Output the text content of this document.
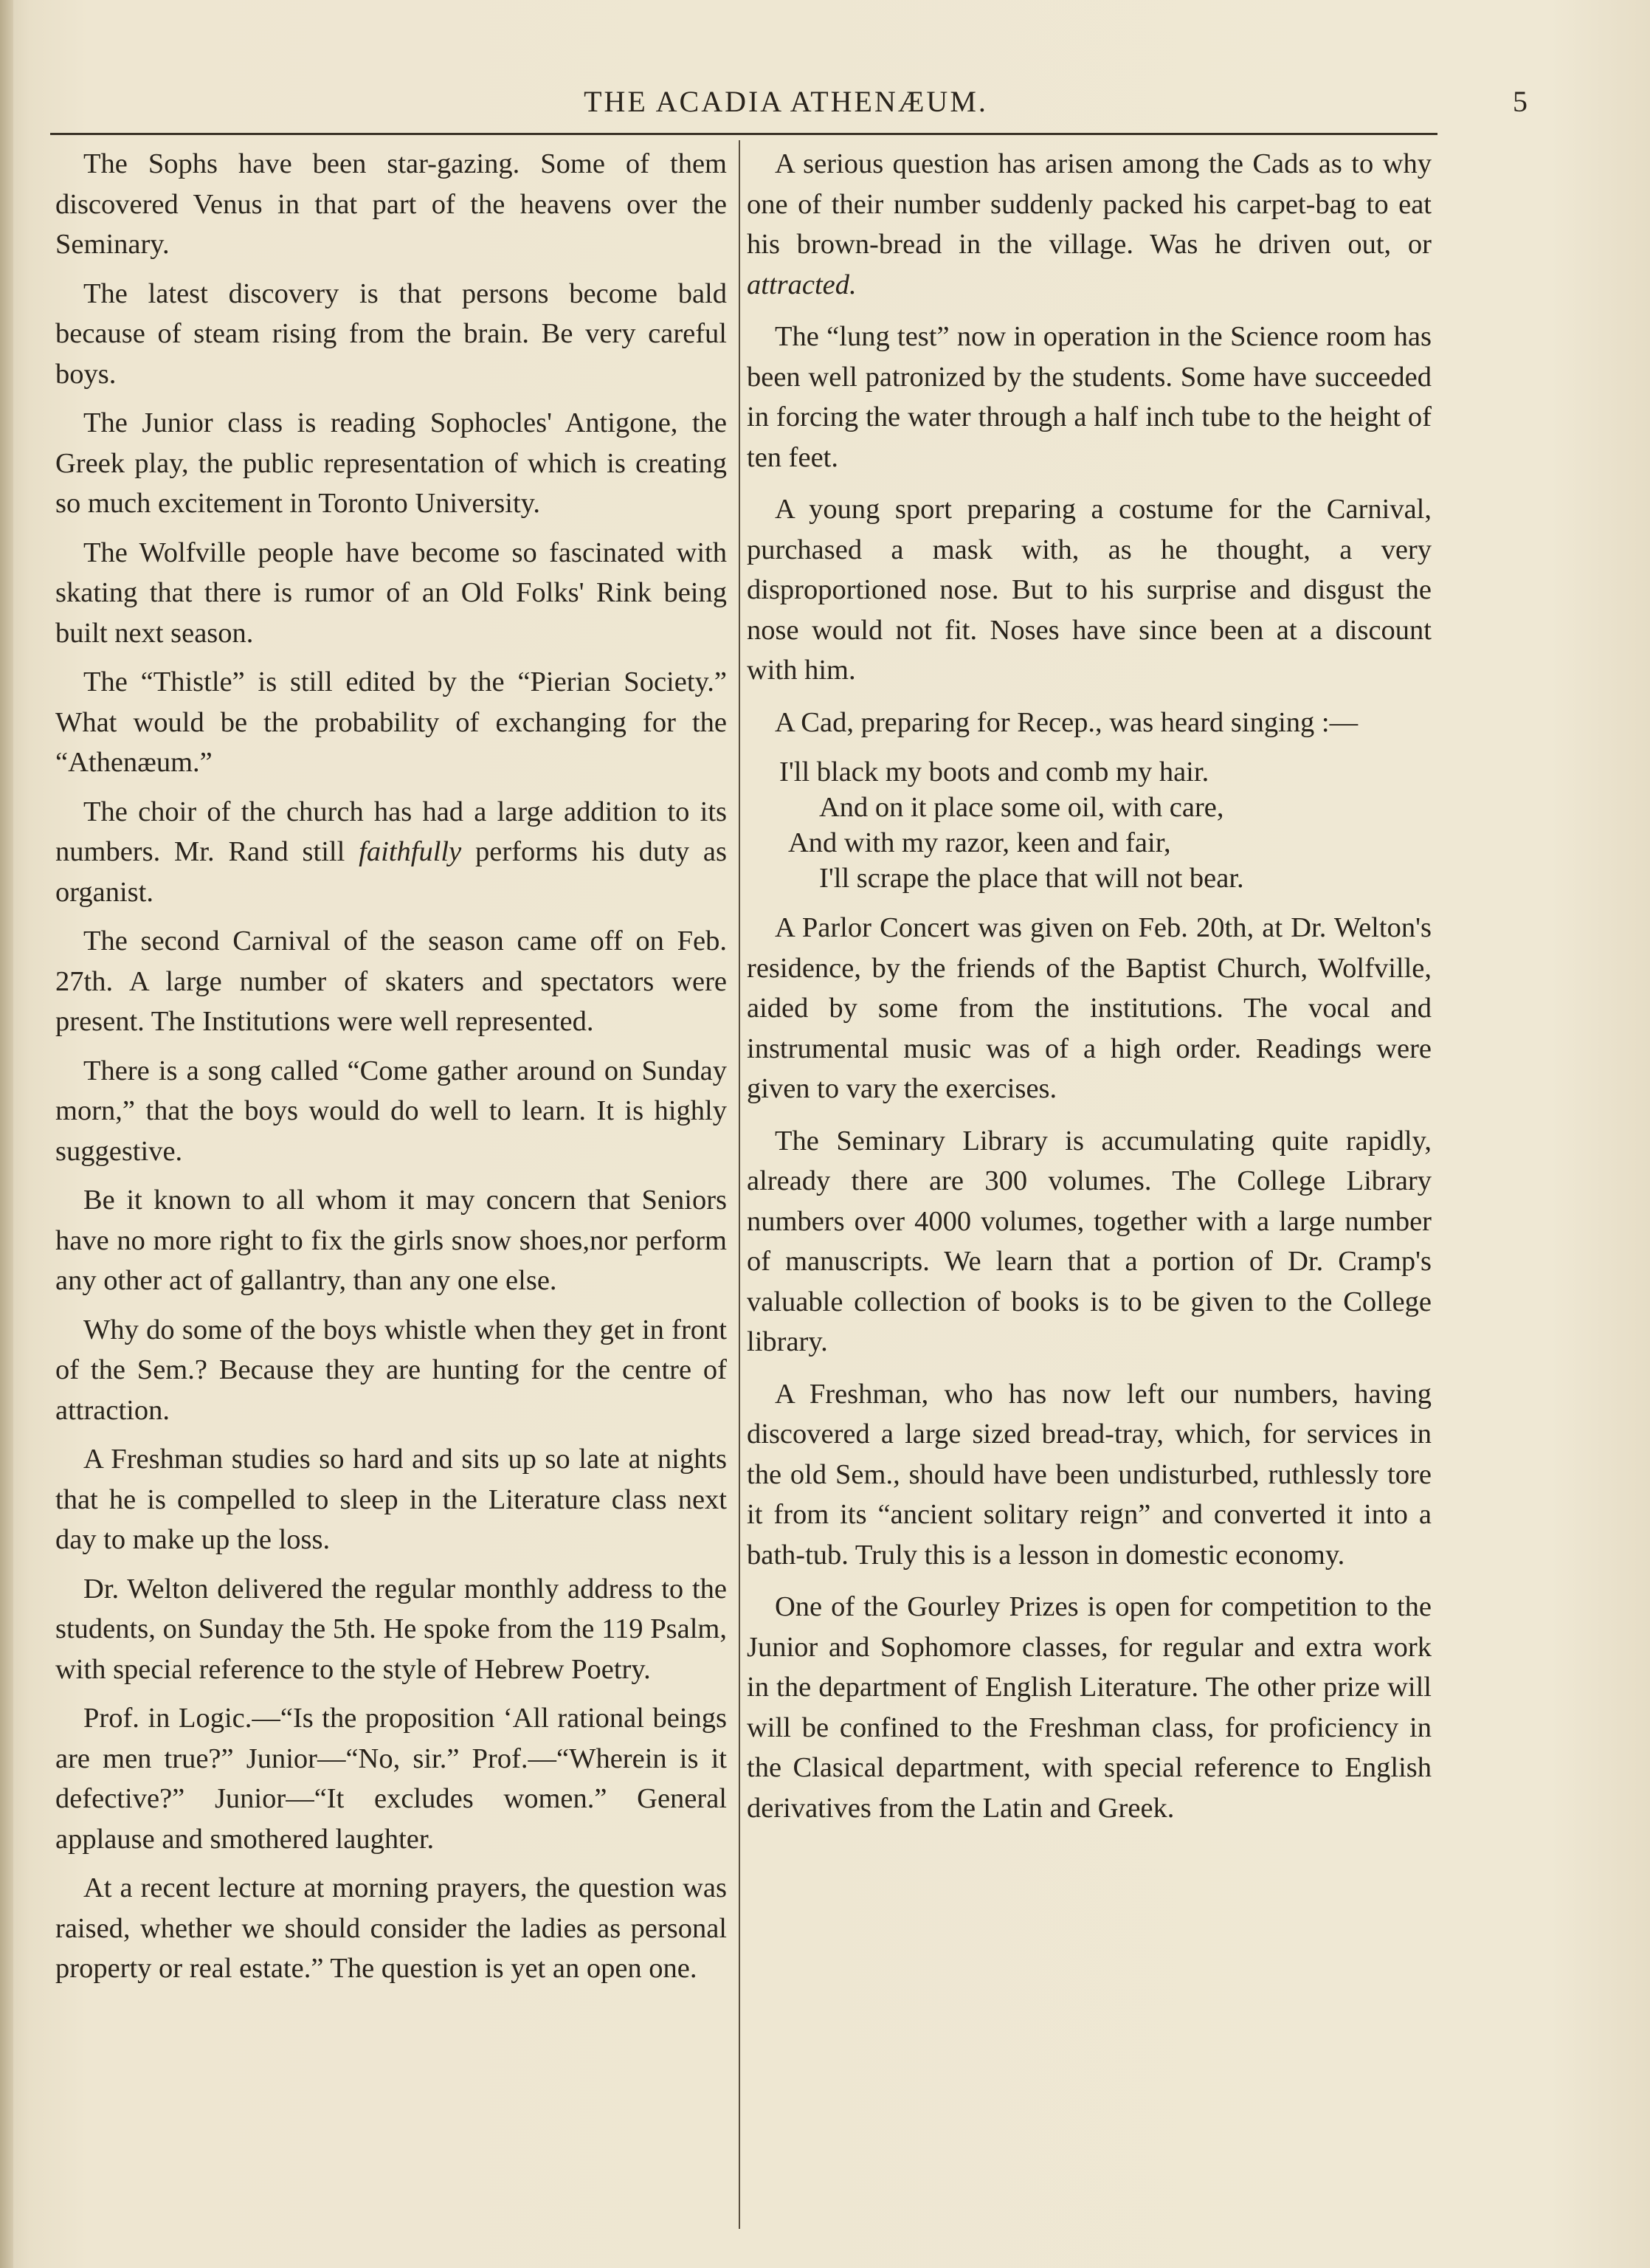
THE ACADIA ATHENÆUM.	5

The Sophs have been star-gazing. Some of them discovered Venus in that part of the heavens over the Seminary.

The latest discovery is that persons become bald because of steam rising from the brain. Be very careful boys.

The Junior class is reading Sophocles' Antigone, the Greek play, the public representation of which is creating so much excitement in Toronto University.

The Wolfville people have become so fascinated with skating that there is rumor of an Old Folks' Rink being built next season.

The “Thistle” is still edited by the “Pierian Society.” What would be the probability of exchanging for the “Athenæum.”

The choir of the church has had a large addition to its numbers. Mr. Rand still faithfully performs his duty as organist.

The second Carnival of the season came off on Feb. 27th. A large number of skaters and spectators were present. The Institutions were well represented.

There is a song called “Come gather around on Sunday morn,” that the boys would do well to learn. It is highly suggestive.

Be it known to all whom it may concern that Seniors have no more right to fix the girls snow shoes,nor perform any other act of gallantry, than any one else.

Why do some of the boys whistle when they get in front of the Sem.? Because they are hunting for the centre of attraction.

A Freshman studies so hard and sits up so late at nights that he is compelled to sleep in the Literature class next day to make up the loss.

Dr. Welton delivered the regular monthly address to the students, on Sunday the 5th. He spoke from the 119 Psalm, with special reference to the style of Hebrew Poetry.

Prof. in Logic.—“Is the proposition ‘All rational beings are men true?” Junior—“No, sir.” Prof.—“Wherein is it defective?” Junior—“It excludes women.” General applause and smothered laughter.

At a recent lecture at morning prayers, the question was raised, whether we should consider the ladies as personal property or real estate.” The question is yet an open one.

A serious question has arisen among the Cads as to why one of their number suddenly packed his carpet-bag to eat his brown-bread in the village. Was he driven out, or attracted.

The “lung test” now in operation in the Science room has been well patronized by the students. Some have succeeded in forcing the water through a half inch tube to the height of ten feet.

A young sport preparing a costume for the Carnival, purchased a mask with, as he thought, a very disproportioned nose. But to his surprise and disgust the nose would not fit. Noses have since been at a discount with him.

A Cad, preparing for Recep., was heard singing :—

I'll black my boots and comb my hair.
And on it place some oil, with care,
And with my razor, keen and fair,
I'll scrape the place that will not bear.

A Parlor Concert was given on Feb. 20th, at Dr. Welton's residence, by the friends of the Baptist Church, Wolfville, aided by some from the institutions. The vocal and instrumental music was of a high order. Readings were given to vary the exercises.

The Seminary Library is accumulating quite rapidly, already there are 300 volumes. The College Library numbers over 4000 volumes, together with a large number of manuscripts. We learn that a portion of Dr. Cramp's valuable collection of books is to be given to the College library.

A Freshman, who has now left our numbers, having discovered a large sized bread-tray, which, for services in the old Sem., should have been undisturbed, ruthlessly tore it from its “ancient solitary reign” and converted it into a bath-tub. Truly this is a lesson in domestic economy.

One of the Gourley Prizes is open for competition to the Junior and Sophomore classes, for regular and extra work in the department of English Literature. The other prize will will be confined to the Freshman class, for proficiency in the Clasical department, with special reference to English derivatives from the Latin and Greek.
